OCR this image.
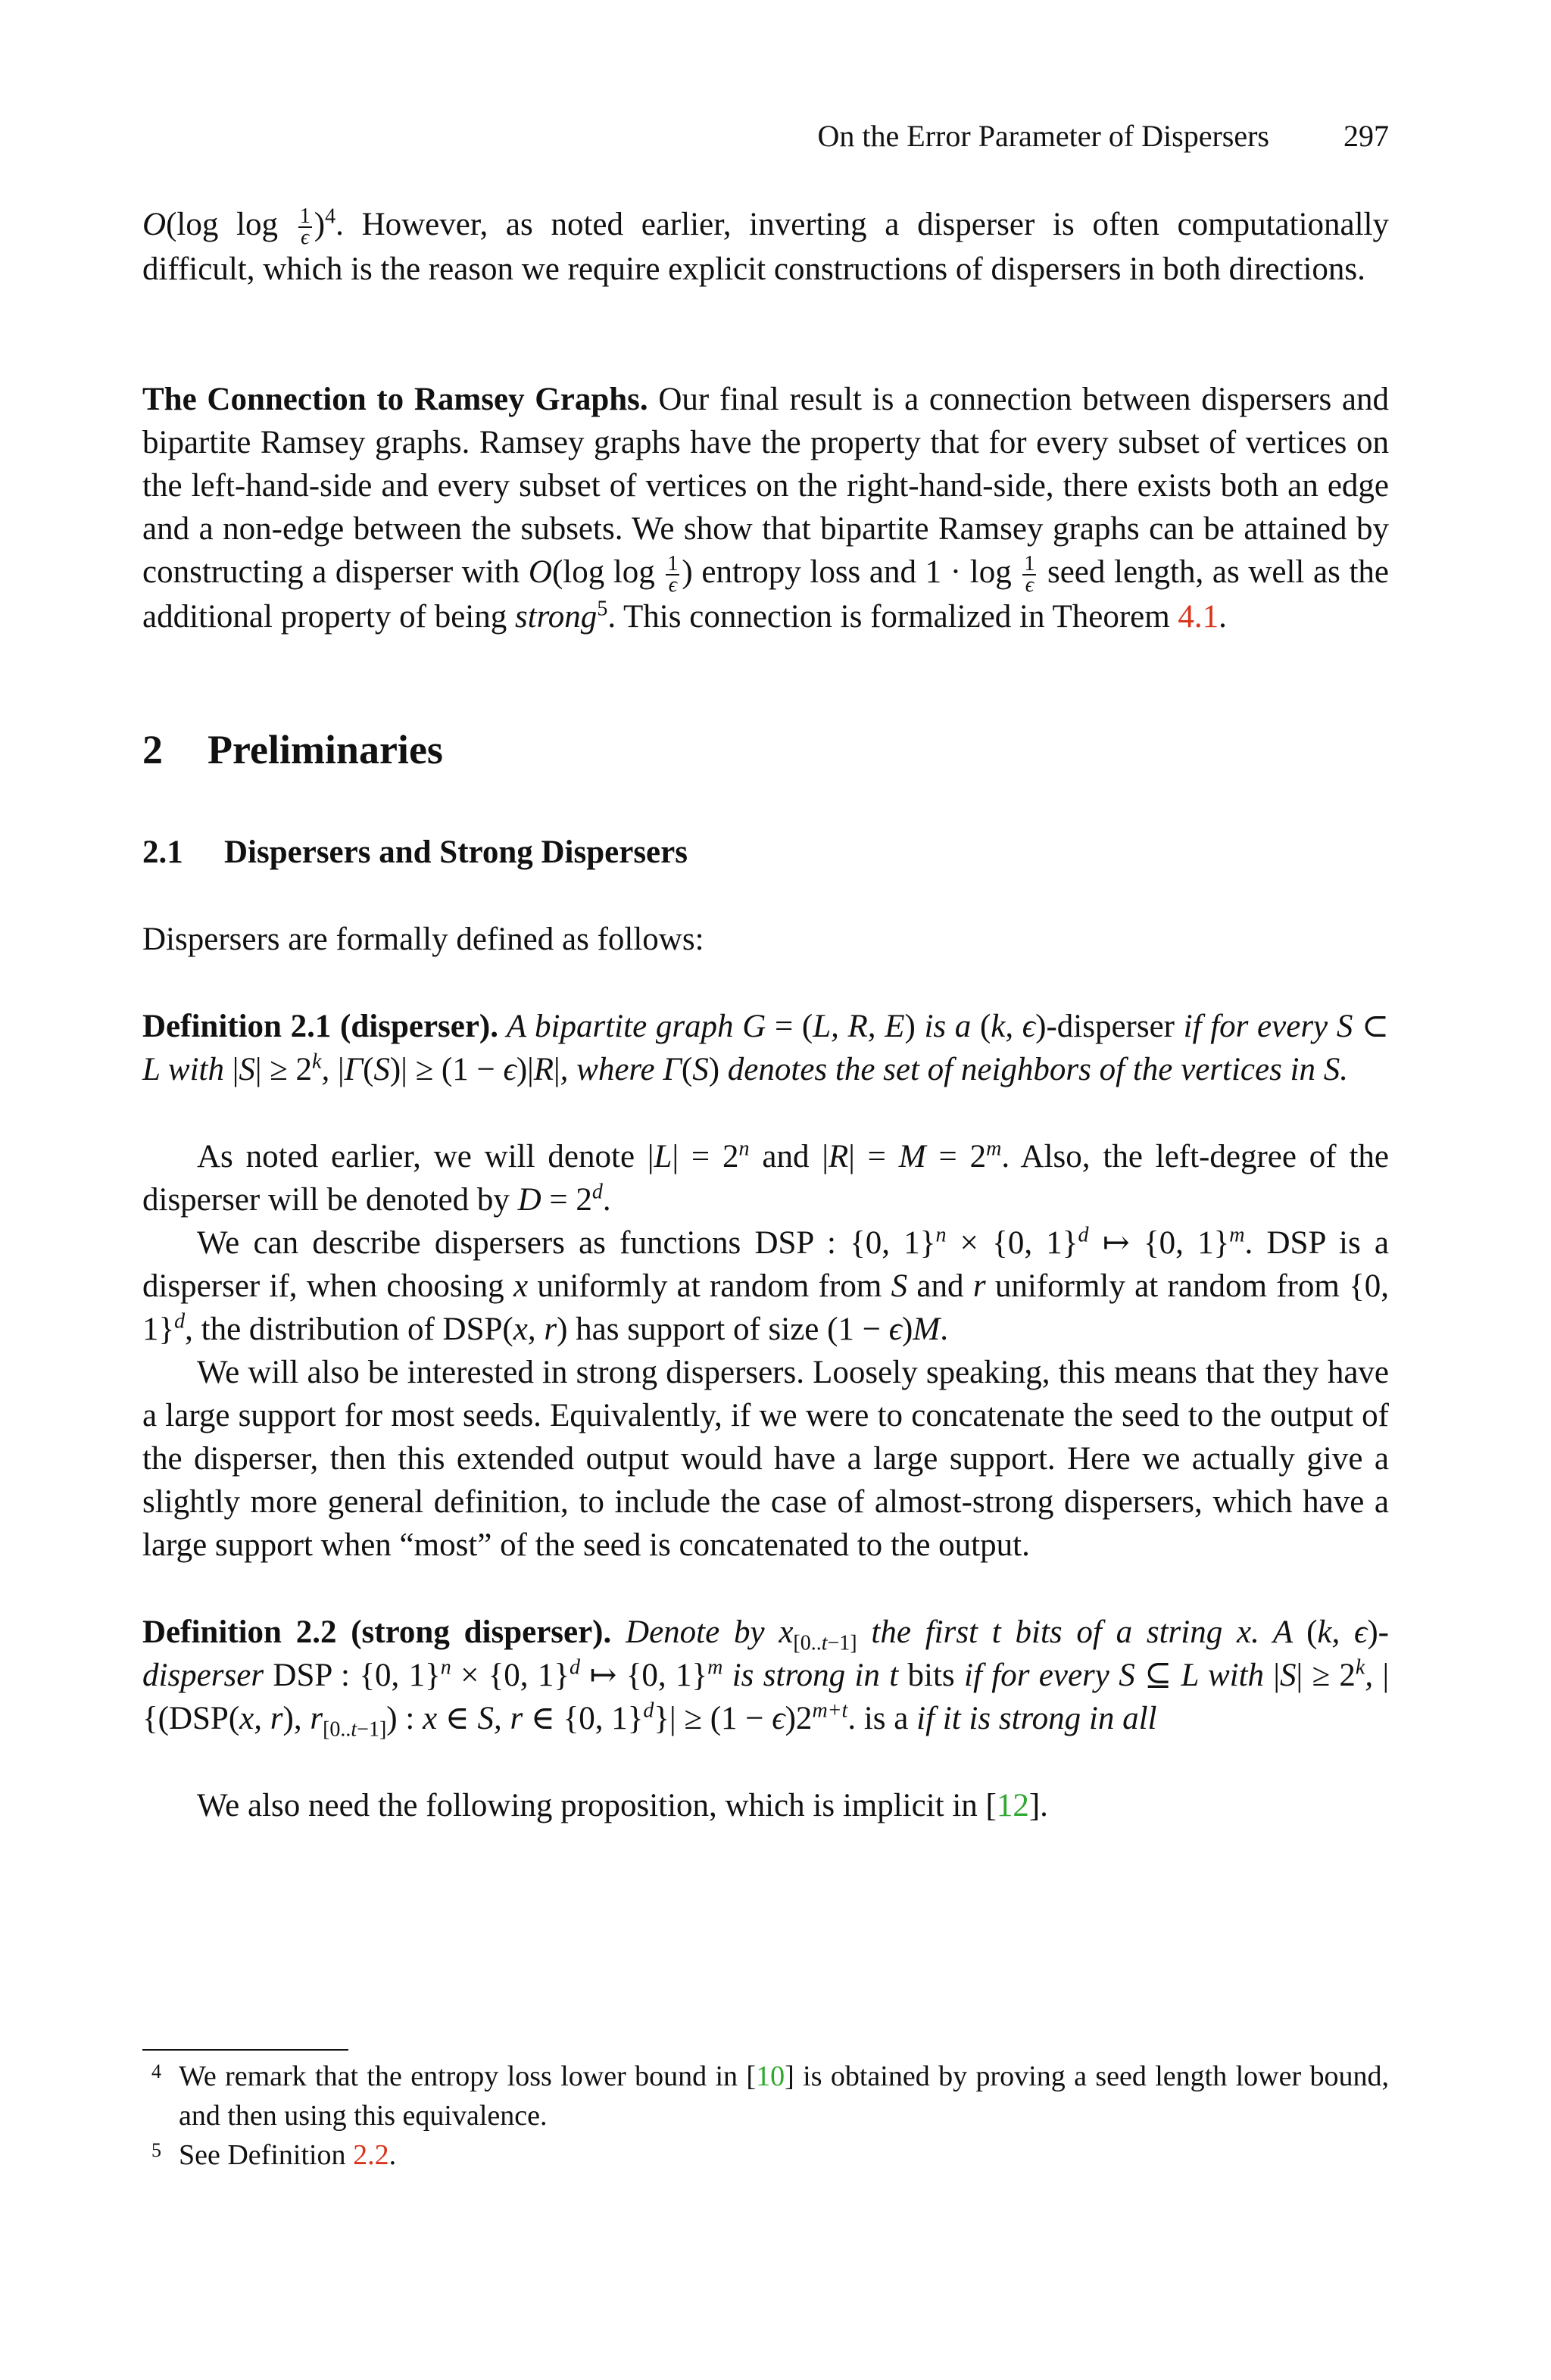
On the Error Parameter of Dispersers 297

O(log $\log \frac{1}{\epsilon} )^4$. However, as noted earlier, inverting a disperser is often computationally difficult, which is the reason we require explicit constructions of dispersers in both directions.

The Connection to Ramsey Graphs. Our final result is a connection between dispersers and bipartite Ramsey graphs. Ramsey graphs have the property that for every subset of vertices on the left-hand-side and every subset of vertices on the right-hand-side, there exists both an edge and a non-edge between the subsets. We show that bipartite Ramsey graphs can be attained by constructing a disperser with O(log $\log \frac{1}{\epsilon}$ ) entropy loss and $1 \cdot \log \frac{1}{\epsilon}$ seed length, as well as the additional property of being strong$^5$. This connection is formalized in Theorem 4.1.

2 Preliminaries
2.1 Dispersers and Strong Dispersers

Dispersers are formally defined as follows:

Definition 2.1 (disperser). A bipartite graph G = (L, R, E) is a (k, ϵ)-disperser if for every S ⊂ L with $|S| \ge 2^k$, |Γ(S)| ≥ (1 − ϵ)|R|, where Γ(S) denotes the set of neighbors of the vertices in S.

As noted earlier, we will denote $|L| = 2^n$ and $|R| = M = 2^m$. Also, the left-degree of the disperser will be denoted by $D = 2^d$.

We can describe dispersers as functions DSP : {0, 1}$^n$ × {0, 1}$^d$ ↦ {0, 1}$^m$. DSP is a disperser if, when choosing x uniformly at random from S and r uniformly at random from {0, 1}$^d$, the distribution of DSP(x, r) has support of size (1 − ϵ)M.

We will also be interested in strong dispersers. Loosely speaking, this means that they have a large support for most seeds. Equivalently, if we were to concatenate the seed to the output of the disperser, then this extended output would have a large support. Here we actually give a slightly more general definition, to include the case of almost-strong dispersers, which have a large support when “most” of the seed is concatenated to the output.

Definition 2.2 (strong disperser). Denote by $x_{[0..t-1]}$ the first t bits of a string x. A (k, ϵ)-disperser DSP : {0, 1}$^n$ × {0, 1}$^d$ ↦ {0, 1}$^m$ is strong in t bits if for every S ⊆ L with $|S| \ge 2^k$, |{(DSP(x, r), $r_{[0..t-1]}$) : x ∈ S, r ∈ {0, $1\}^d\}| \ge (1 - \epsilon)2^{m+t}$. is a if it is strong in all

We also need the following proposition, which is implicit in [12].

4 We remark that the entropy loss lower bound in [10] is obtained by proving a seed length lower bound, and then using this equivalence.

5 See Definition 2.2.
